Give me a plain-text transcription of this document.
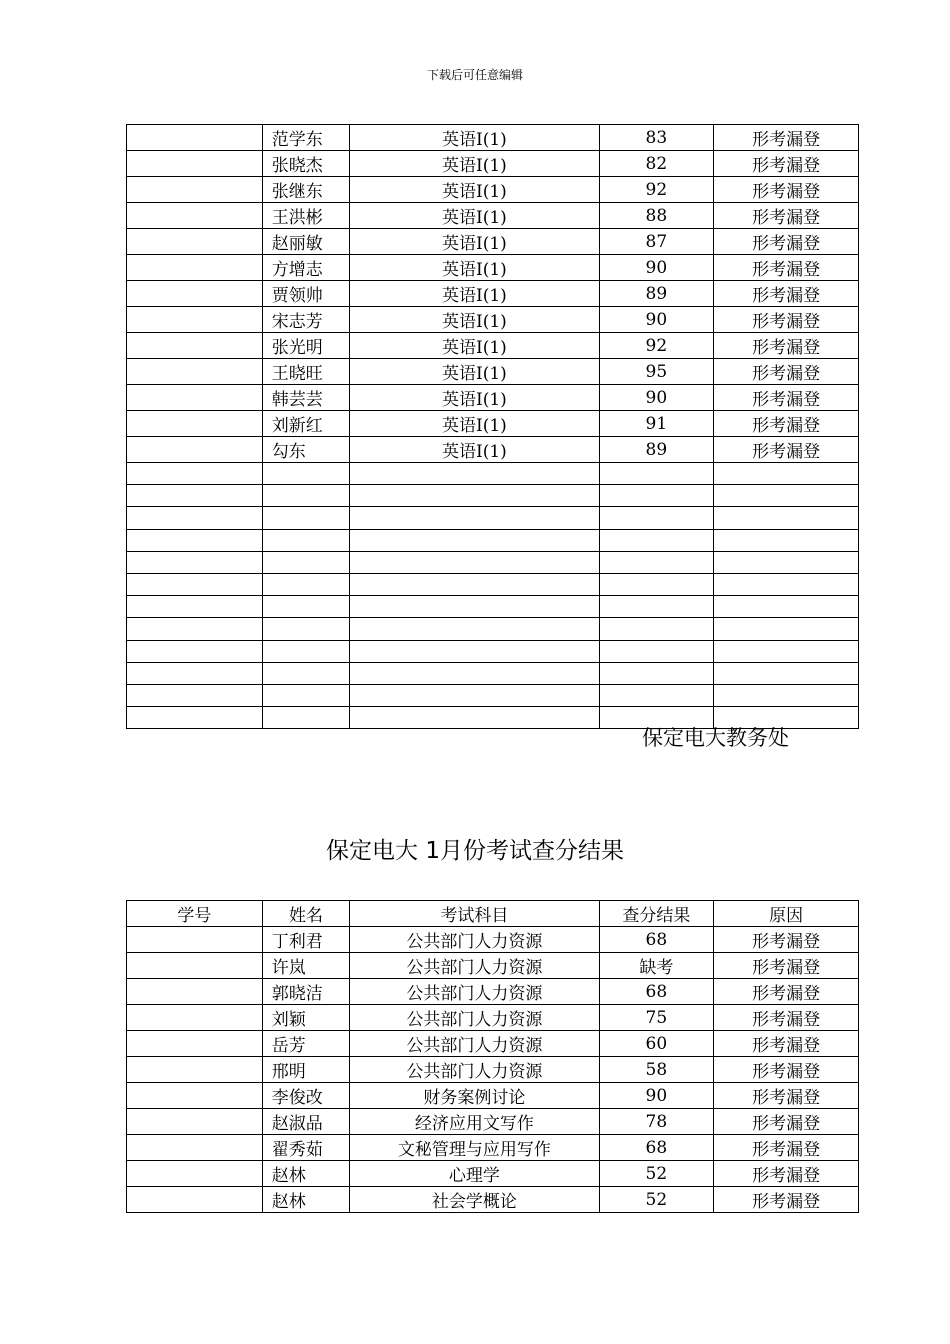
下载后可任意编辑
	范学东	英语Ⅰ(1)	83	形考漏登
	张晓杰	英语Ⅰ(1)	82	形考漏登
	张继东	英语Ⅰ(1)	92	形考漏登
	王洪彬	英语Ⅰ(1)	88	形考漏登
	赵丽敏	英语Ⅰ(1)	87	形考漏登
	方增志	英语Ⅰ(1)	90	形考漏登
	贾领帅	英语Ⅰ(1)	89	形考漏登
	宋志芳	英语Ⅰ(1)	90	形考漏登
	张光明	英语Ⅰ(1)	92	形考漏登
	王晓旺	英语Ⅰ(1)	95	形考漏登
	韩芸芸	英语Ⅰ(1)	90	形考漏登
	刘新红	英语Ⅰ(1)	91	形考漏登
	勾东	英语Ⅰ(1)	89	形考漏登

保定电大教务处
保定电大 1月份考试查分结果
学号	姓名	考试科目	查分结果	原因
	丁利君	公共部门人力资源	68	形考漏登
	许岚	公共部门人力资源	缺考	形考漏登
	郭晓洁	公共部门人力资源	68	形考漏登
	刘颖	公共部门人力资源	75	形考漏登
	岳芳	公共部门人力资源	60	形考漏登
	邢明	公共部门人力资源	58	形考漏登
	李俊改	财务案例讨论	90	形考漏登
	赵淑品	经济应用文写作	78	形考漏登
	翟秀茹	文秘管理与应用写作	68	形考漏登
	赵林	心理学	52	形考漏登
	赵林	社会学概论	52	形考漏登
